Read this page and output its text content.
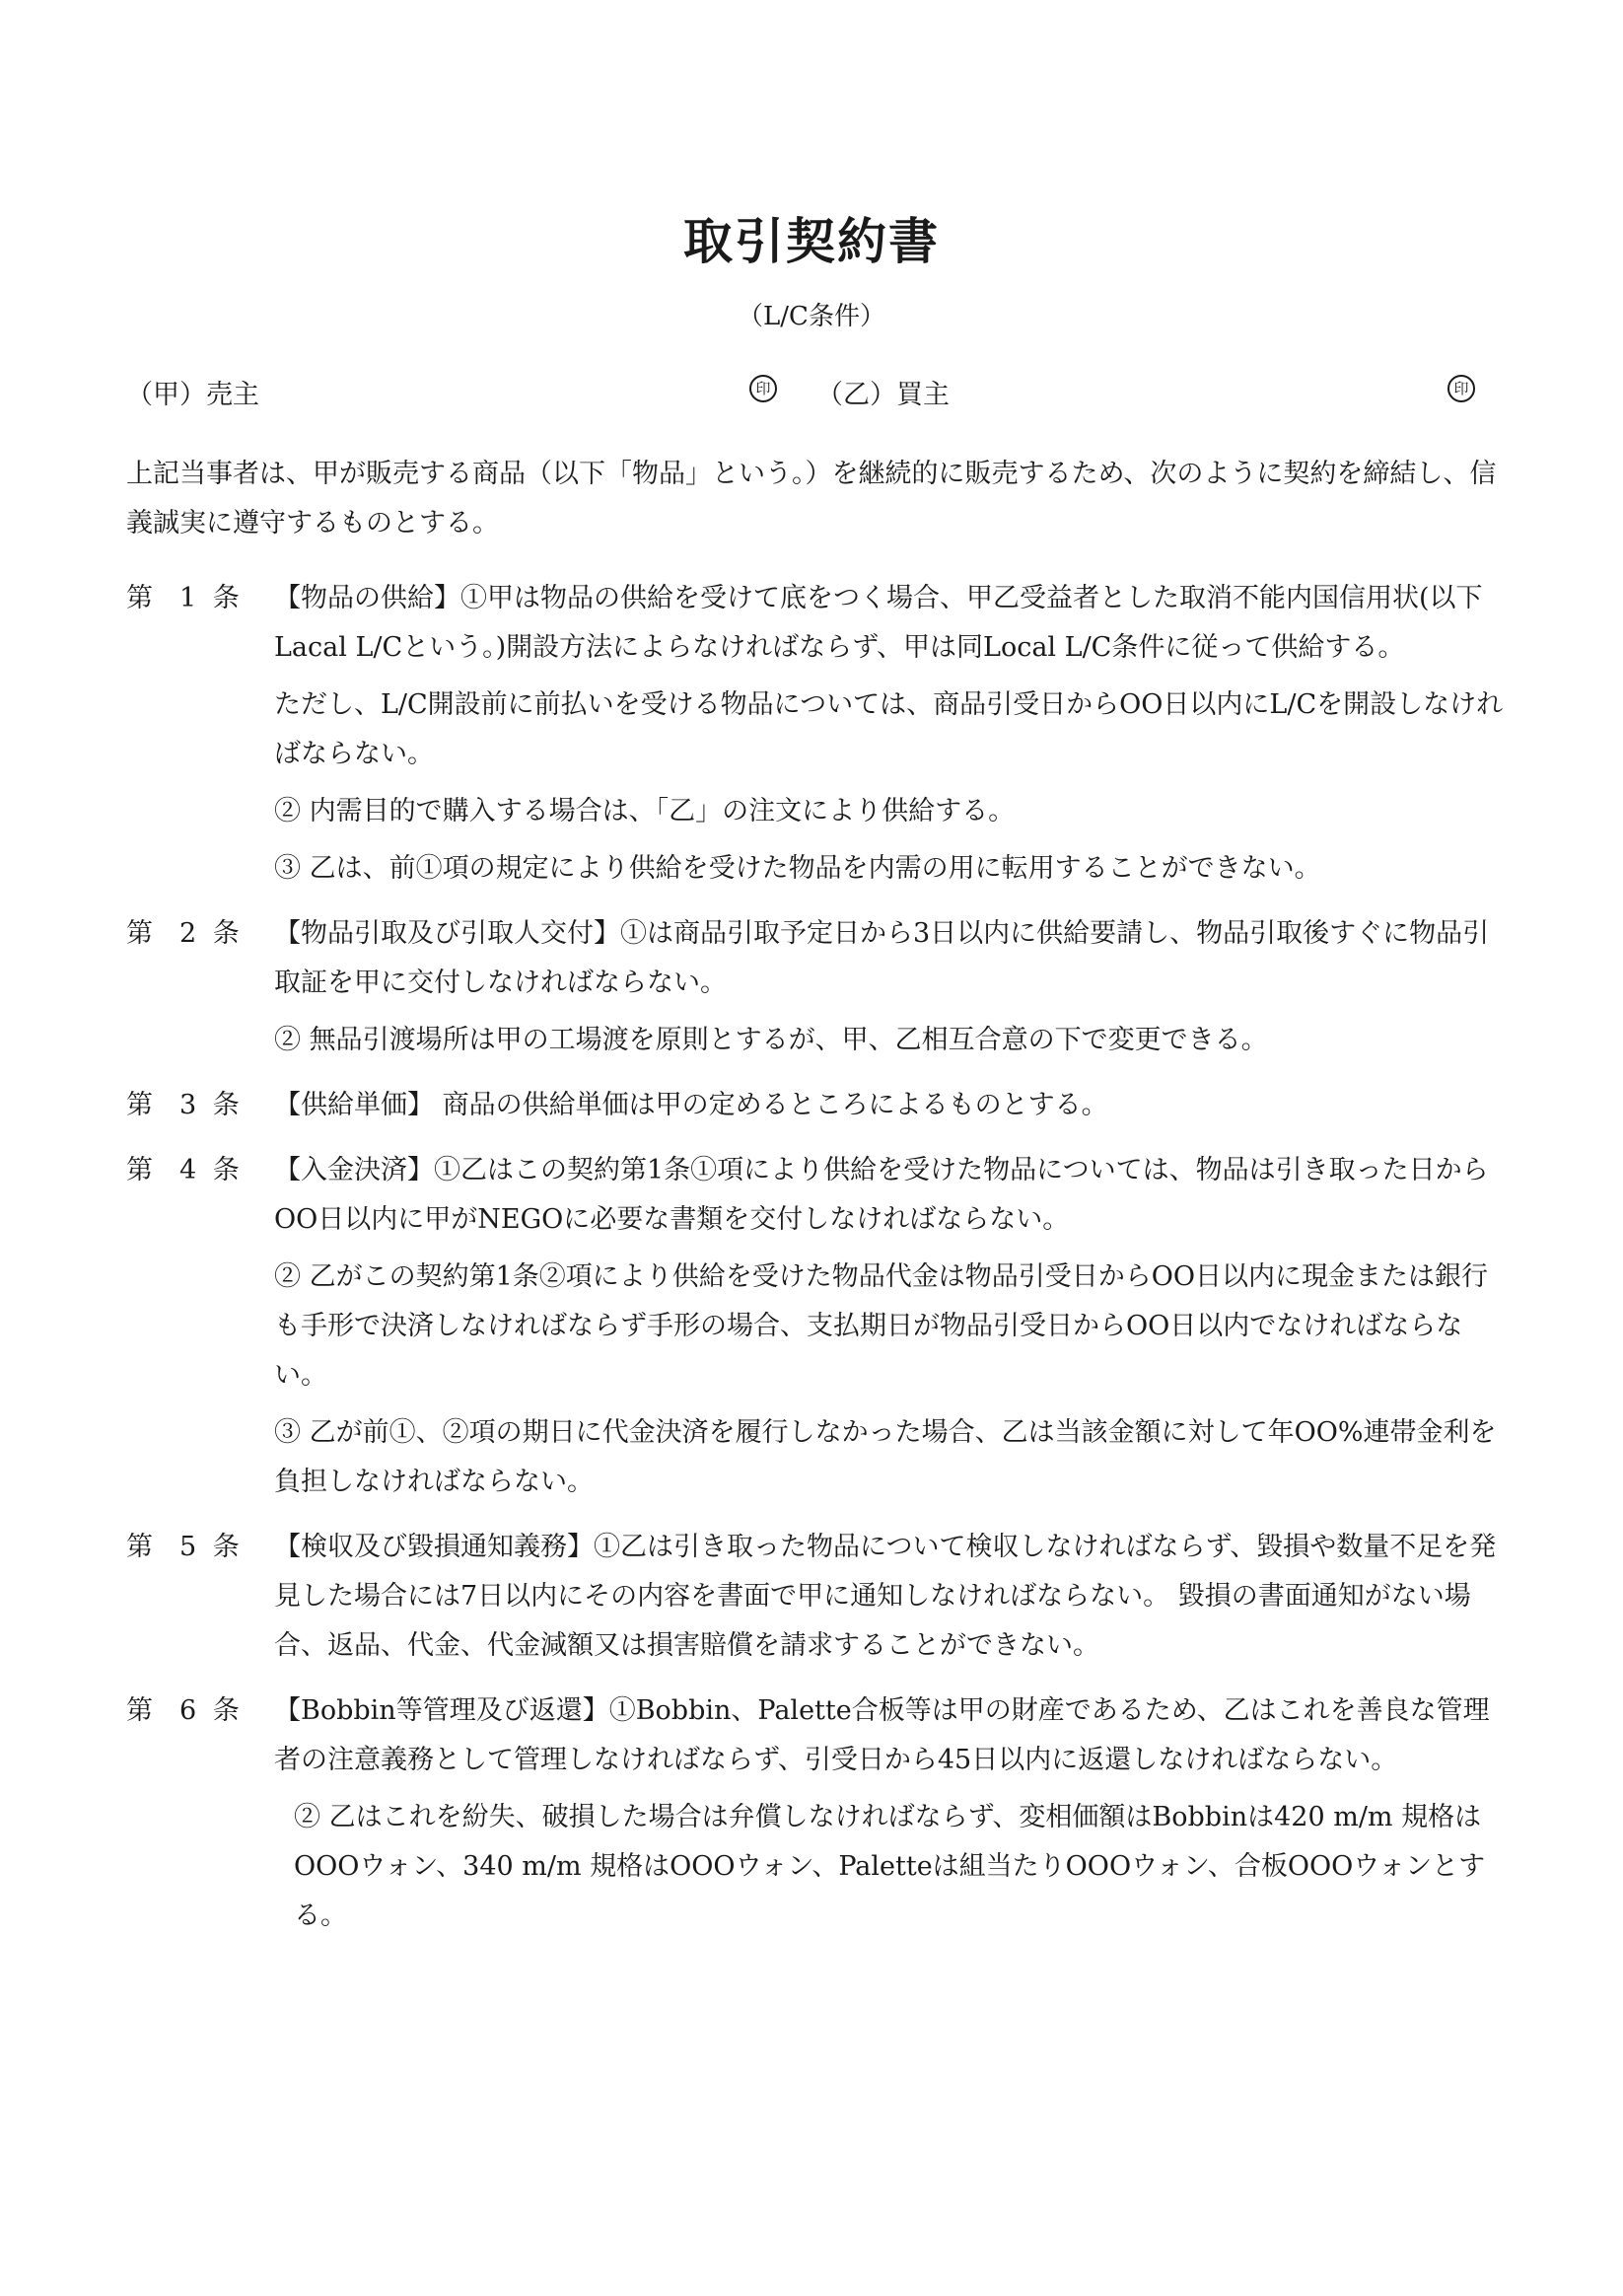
取引契約書
（L/C条件）
（甲）売主	印 （乙）買主	印
上記当事者は、甲が販売する商品（以下「物品」という。）を継続的に販売するため、次のように契約を締結し、信義誠実に遵守するものとする。
第　1 条	【物品の供給】①甲は物品の供給を受けて底をつく場合、甲乙受益者とした取消不能内国信用状(以下Lacal L/Cという。)開設方法によらなければならず、甲は同Local L/C条件に従って供給する。

ただし、L/C開設前に前払いを受ける物品については、商品引受日からOO日以内にL/Cを開設しなければならない。

② 内需目的で購入する場合は、「乙」の注文により供給する。

③ 乙は、前①項の規定により供給を受けた物品を内需の用に転用することができない。

第　2 条	【物品引取及び引取人交付】①は商品引取予定日から3日以内に供給要請し、物品引取後すぐに物品引取証を甲に交付しなければならない。

② 無品引渡場所は甲の工場渡を原則とするが、甲、乙相互合意の下で変更できる。

第　3 条	【供給単価】 商品の供給単価は甲の定めるところによるものとする。

第　4 条	【入金決済】①乙はこの契約第1条①項により供給を受けた物品については、物品は引き取った日からOO日以内に甲がNEGOに必要な書類を交付しなければならない。

② 乙がこの契約第1条②項により供給を受けた物品代金は物品引受日からOO日以内に現金または銀行も手形で決済しなければならず手形の場合、支払期日が物品引受日からOO日以内でなければならない。

③ 乙が前①、②項の期日に代金決済を履行しなかった場合、乙は当該金額に対して年OO%連帯金利を負担しなければならない。

第　5 条	【検収及び毀損通知義務】①乙は引き取った物品について検収しなければならず、毀損や数量不足を発見した場合には7日以内にその内容を書面で甲に通知しなければならない。 毀損の書面通知がない場合、返品、代金、代金減額又は損害賠償を請求することができない。

第　6 条	【Bobbin等管理及び返還】①Bobbin、Palette合板等は甲の財産であるため、乙はこれを善良な管理者の注意義務として管理しなければならず、引受日から45日以内に返還しなければならない。

② 乙はこれを紛失、破損した場合は弁償しなければならず、変相価額はBobbinは420 m/m 規格はOOOウォン、340 m/m 規格はOOOウォン、Paletteは組当たりOOOウォン、合板OOOウォンとする。
